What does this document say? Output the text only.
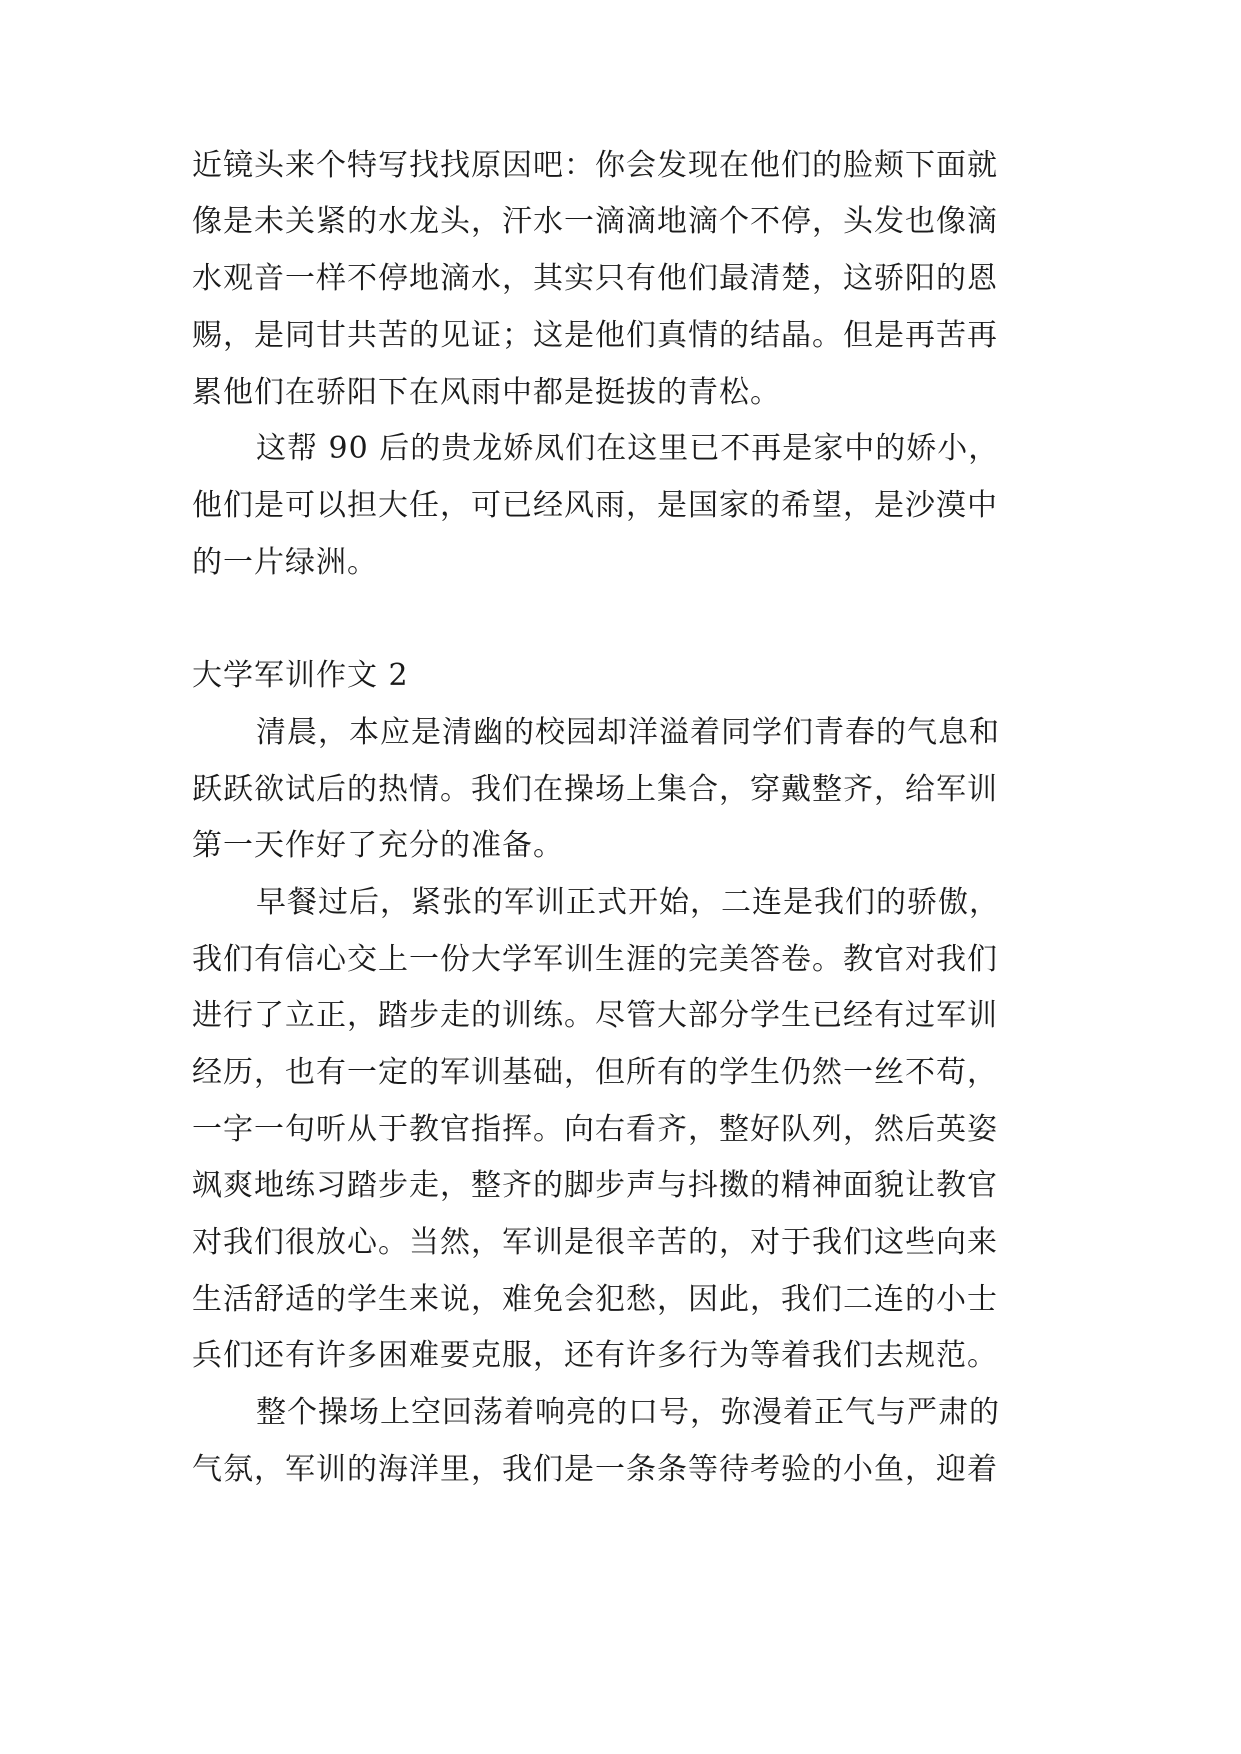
近镜头来个特写找找原因吧：你会发现在他们的脸颊下面就
像是未关紧的水龙头，汗水一滴滴地滴个不停，头发也像滴
水观音一样不停地滴水，其实只有他们最清楚，这骄阳的恩
赐，是同甘共苦的见证；这是他们真情的结晶。但是再苦再
累他们在骄阳下在风雨中都是挺拔的青松。
这帮 90 后的贵龙娇凤们在这里已不再是家中的娇小，
他们是可以担大任，可已经风雨，是国家的希望，是沙漠中
的一片绿洲。
大学军训作文 2
清晨，本应是清幽的校园却洋溢着同学们青春的气息和
跃跃欲试后的热情。我们在操场上集合，穿戴整齐，给军训
第一天作好了充分的准备。
早餐过后，紧张的军训正式开始，二连是我们的骄傲，
我们有信心交上一份大学军训生涯的完美答卷。教官对我们
进行了立正，踏步走的训练。尽管大部分学生已经有过军训
经历，也有一定的军训基础，但所有的学生仍然一丝不苟，
一字一句听从于教官指挥。向右看齐，整好队列，然后英姿
飒爽地练习踏步走，整齐的脚步声与抖擞的精神面貌让教官
对我们很放心。当然，军训是很辛苦的，对于我们这些向来
生活舒适的学生来说，难免会犯愁，因此，我们二连的小士
兵们还有许多困难要克服，还有许多行为等着我们去规范。
整个操场上空回荡着响亮的口号，弥漫着正气与严肃的
气氛，军训的海洋里，我们是一条条等待考验的小鱼，迎着
